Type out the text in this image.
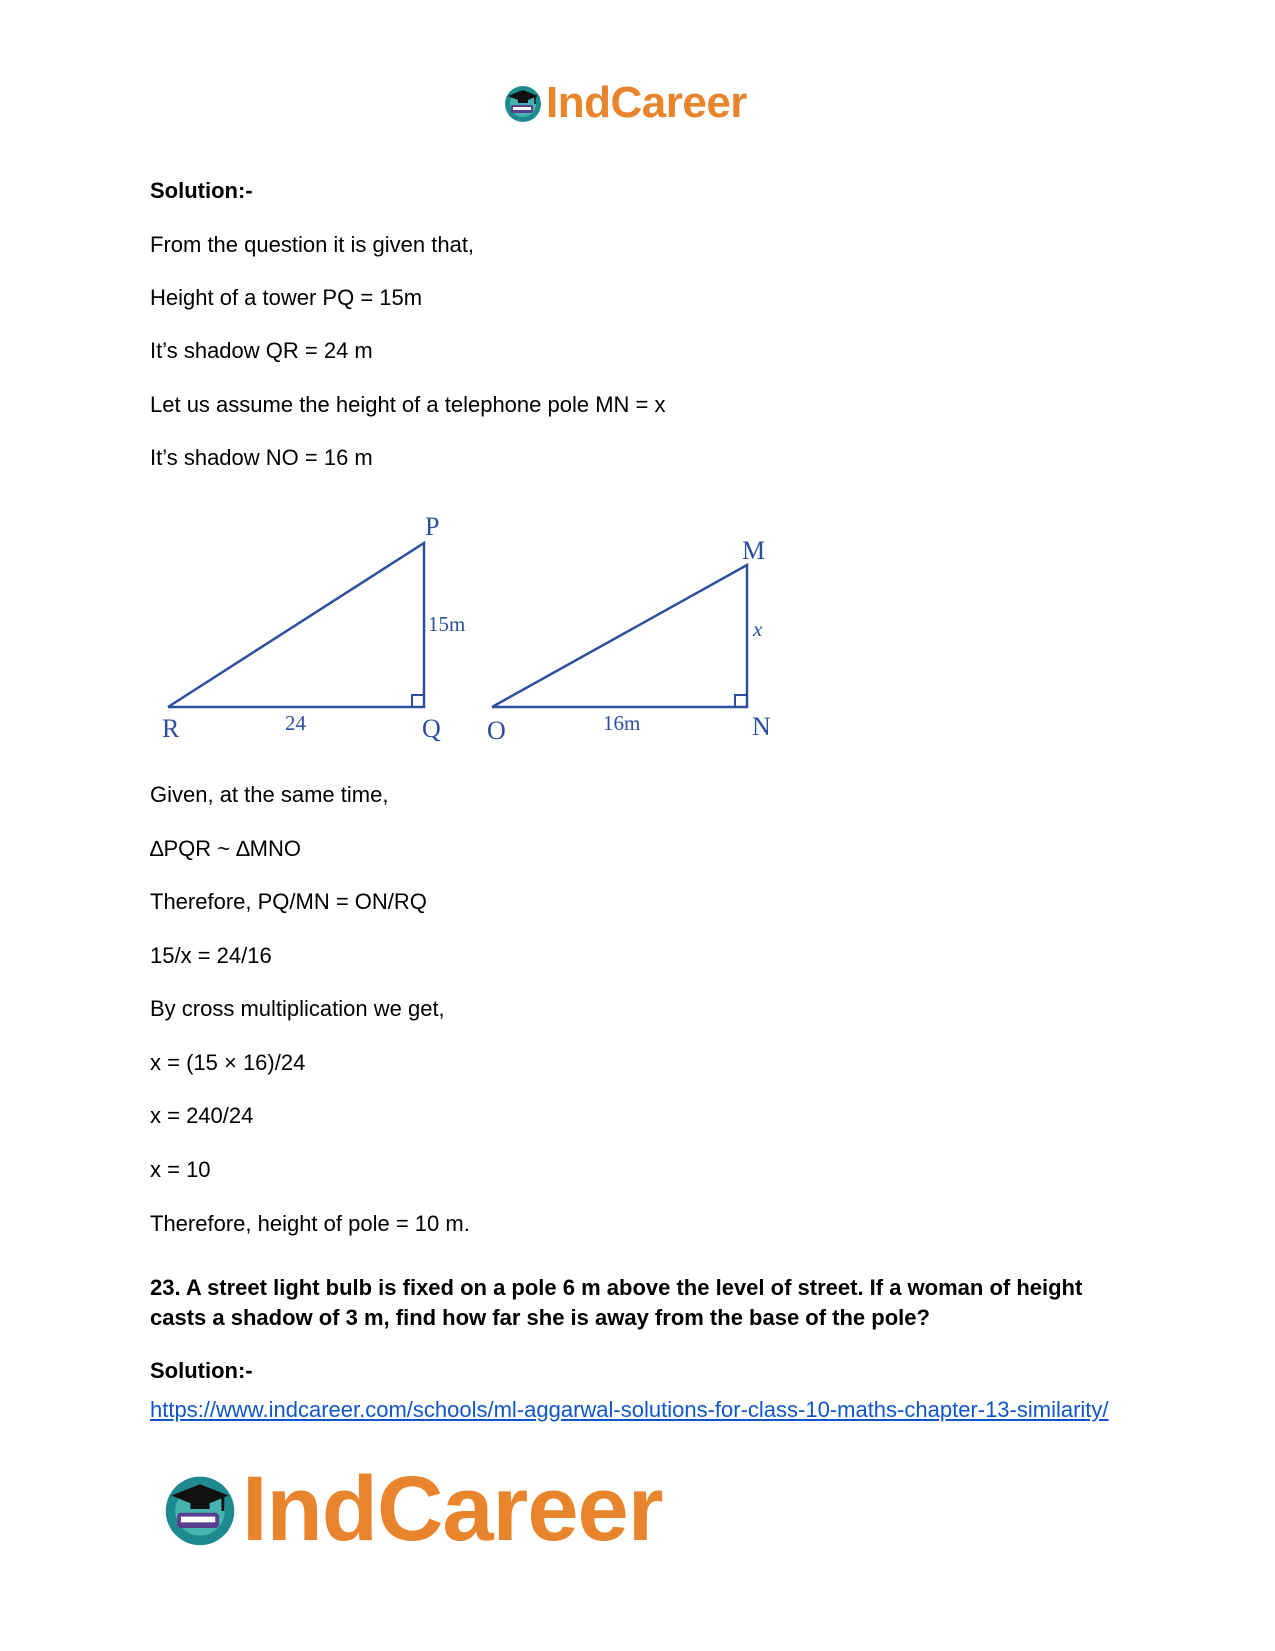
IndCareer
Solution:-
From the question it is given that,
Height of a tower PQ = 15m
It’s shadow QR = 24 m
Let us assume the height of a telephone pole MN = x
It’s shadow NO = 16 m
P
15m
R	24	Q
M
x
O	16m	N
Given, at the same time,
∆PQR ~ ∆MNO
Therefore, PQ/MN = ON/RQ
15/x = 24/16
By cross multiplication we get,
x = (15 × 16)/24
x = 240/24
x = 10
Therefore, height of pole = 10 m.
23. A street light bulb is fixed on a pole 6 m above the level of street. If a woman of height casts a shadow of 3 m, find how far she is away from the base of the pole?
Solution:-
https://www.indcareer.com/schools/ml-aggarwal-solutions-for-class-10-maths-chapter-13-similarity/
IndCareer
